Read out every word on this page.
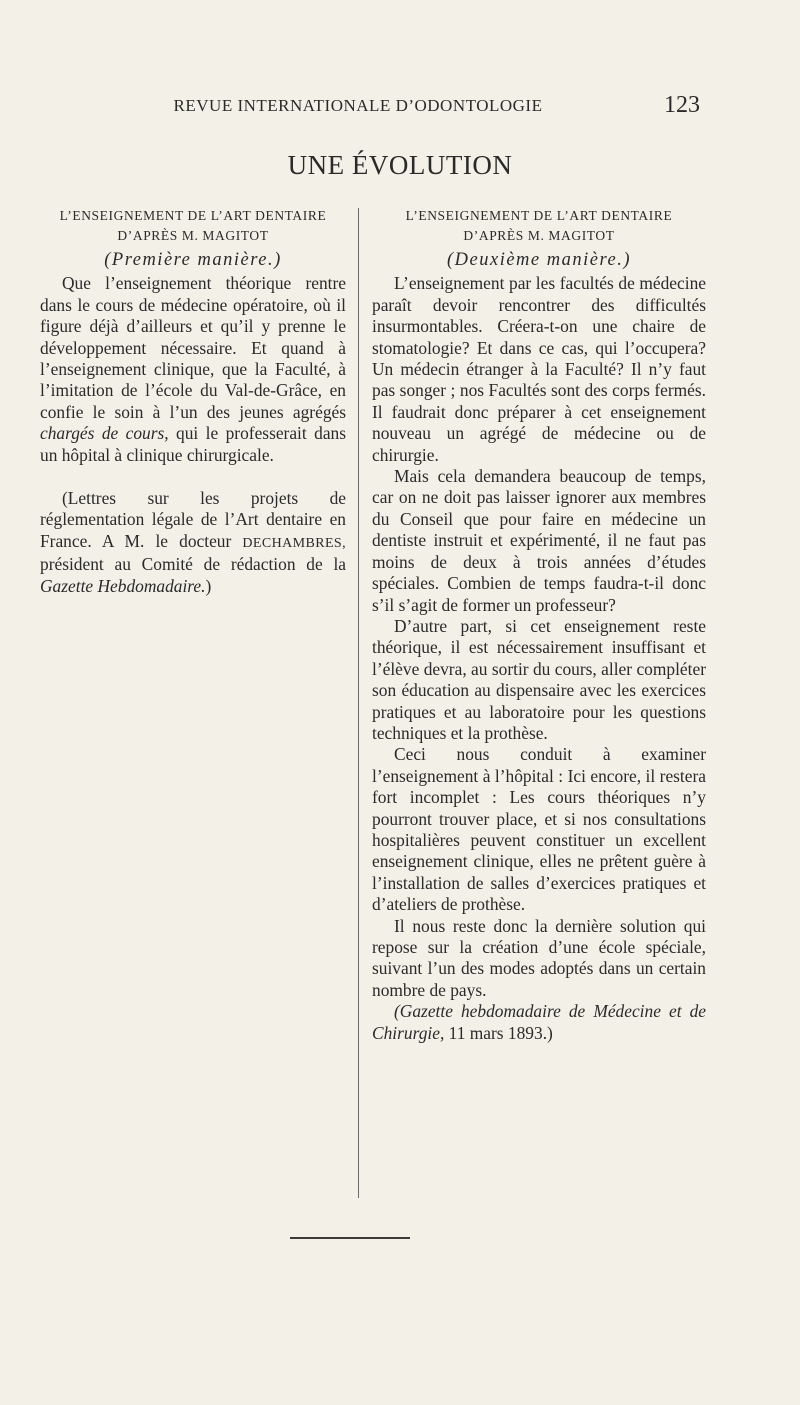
REVUE INTERNATIONALE D’ODONTOLOGIE	123
UNE ÉVOLUTION
L’ENSEIGNEMENT DE L’ART DENTAIRE
D’APRÈS M. MAGITOT
(Première manière.)

Que l’enseignement théorique rentre dans le cours de médecine opératoire, où il figure déjà d’ailleurs et qu’il y prenne le développement nécessaire. Et quand à l’enseignement clinique, que la Faculté, à l’imitation de l’école du Val-de-Grâce, en confie le soin à l’un des jeunes agrégés chargés de cours, qui le professerait dans un hôpital à clinique chirurgicale.

(Lettres sur les projets de réglementation légale de l’Art dentaire en France. A M. le docteur DECHAMBRES, président au Comité de rédaction de la Gazette Hebdomadaire.)

L’ENSEIGNEMENT DE L’ART DENTAIRE
D’APRÈS M. MAGITOT
(Deuxième manière.)

L’enseignement par les facultés de médecine paraît devoir rencontrer des difficultés insurmontables. Créera-t-on une chaire de stomatologie? Et dans ce cas, qui l’occupera? Un médecin étranger à la Faculté? Il n’y faut pas songer ; nos Facultés sont des corps fermés. Il faudrait donc préparer à cet enseignement nouveau un agrégé de médecine ou de chirurgie.

Mais cela demandera beaucoup de temps, car on ne doit pas laisser ignorer aux membres du Conseil que pour faire en médecine un dentiste instruit et expérimenté, il ne faut pas moins de deux à trois années d’études spéciales. Combien de temps faudra-t-il donc s’il s’agit de former un professeur?

D’autre part, si cet enseignement reste théorique, il est nécessairement insuffisant et l’élève devra, au sortir du cours, aller compléter son éducation au dispensaire avec les exercices pratiques et au laboratoire pour les questions techniques et la prothèse.

Ceci nous conduit à examiner l’enseignement à l’hôpital : Ici encore, il restera fort incomplet : Les cours théoriques n’y pourront trouver place, et si nos consultations hospitalières peuvent constituer un excellent enseignement clinique, elles ne prêtent guère à l’installation de salles d’exercices pratiques et d’ateliers de prothèse.

Il nous reste donc la dernière solution qui repose sur la création d’une école spéciale, suivant l’un des modes adoptés dans un certain nombre de pays.

(Gazette hebdomadaire de Médecine et de Chirurgie, 11 mars 1893.)
